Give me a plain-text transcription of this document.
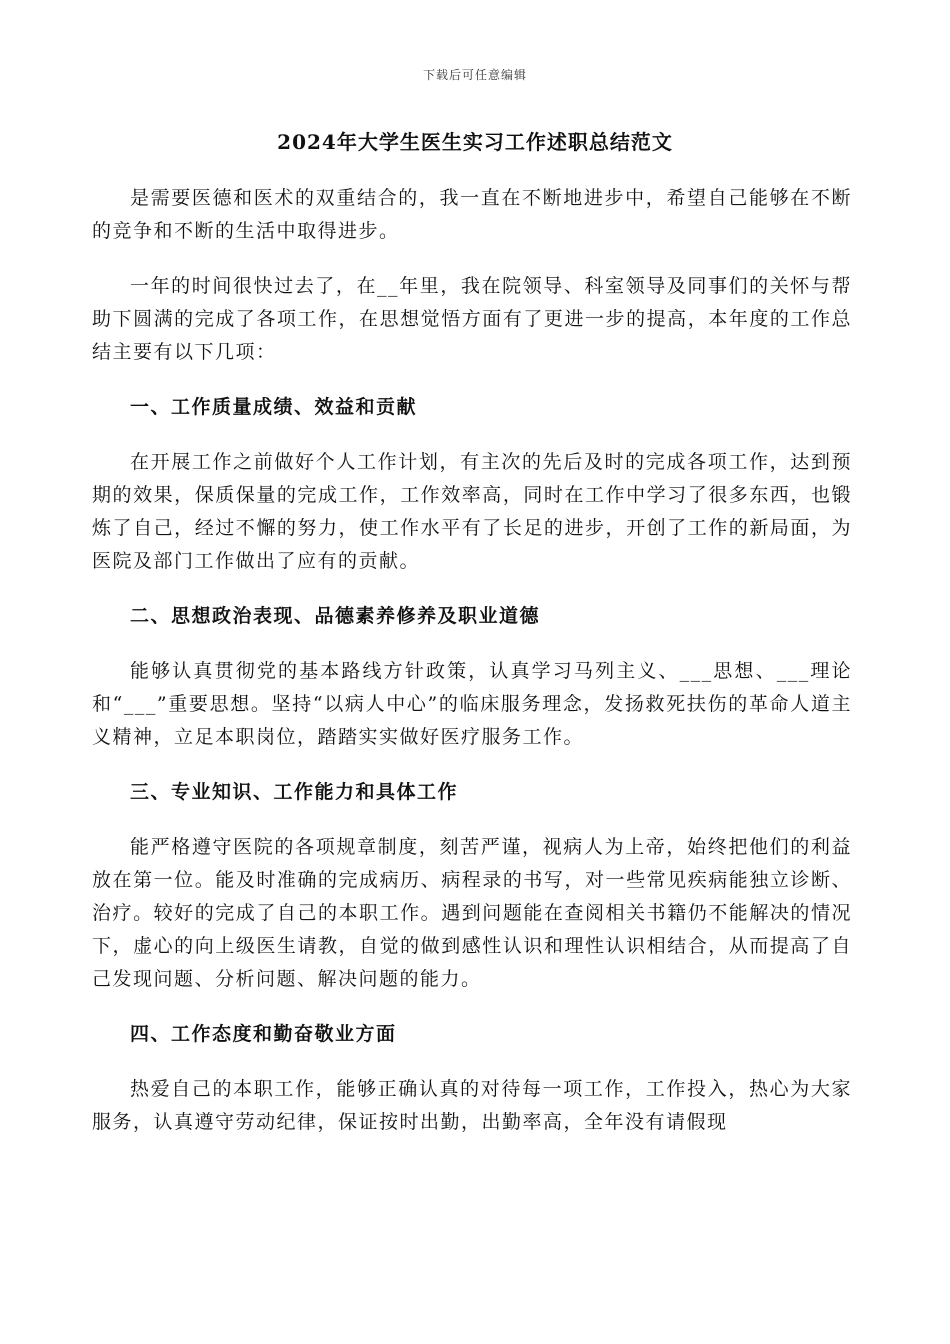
下载后可任意编辑
2024年大学生医生实习工作述职总结范文

是需要医德和医术的双重结合的，我一直在不断地进步中，希望自己能够在不断的竞争和不断的生活中取得进步。

一年的时间很快过去了，在__年里，我在院领导、科室领导及同事们的关怀与帮助下圆满的完成了各项工作，在思想觉悟方面有了更进一步的提高，本年度的工作总结主要有以下几项：

一、工作质量成绩、效益和贡献

在开展工作之前做好个人工作计划，有主次的先后及时的完成各项工作，达到预期的效果，保质保量的完成工作，工作效率高，同时在工作中学习了很多东西，也锻炼了自己，经过不懈的努力，使工作水平有了长足的进步，开创了工作的新局面，为医院及部门工作做出了应有的贡献。

二、思想政治表现、品德素养修养及职业道德

能够认真贯彻党的基本路线方针政策，认真学习马列主义、___思想、___理论和“___”重要思想。坚持“以病人中心”的临床服务理念，发扬救死扶伤的革命人道主义精神，立足本职岗位，踏踏实实做好医疗服务工作。

三、专业知识、工作能力和具体工作

能严格遵守医院的各项规章制度，刻苦严谨，视病人为上帝，始终把他们的利益放在第一位。能及时准确的完成病历、病程录的书写，对一些常见疾病能独立诊断、治疗。较好的完成了自己的本职工作。遇到问题能在查阅相关书籍仍不能解决的情况下，虚心的向上级医生请教，自觉的做到感性认识和理性认识相结合，从而提高了自己发现问题、分析问题、解决问题的能力。

四、工作态度和勤奋敬业方面

热爱自己的本职工作，能够正确认真的对待每一项工作，工作投入，热心为大家服务，认真遵守劳动纪律，保证按时出勤，出勤率高，全年没有请假现
